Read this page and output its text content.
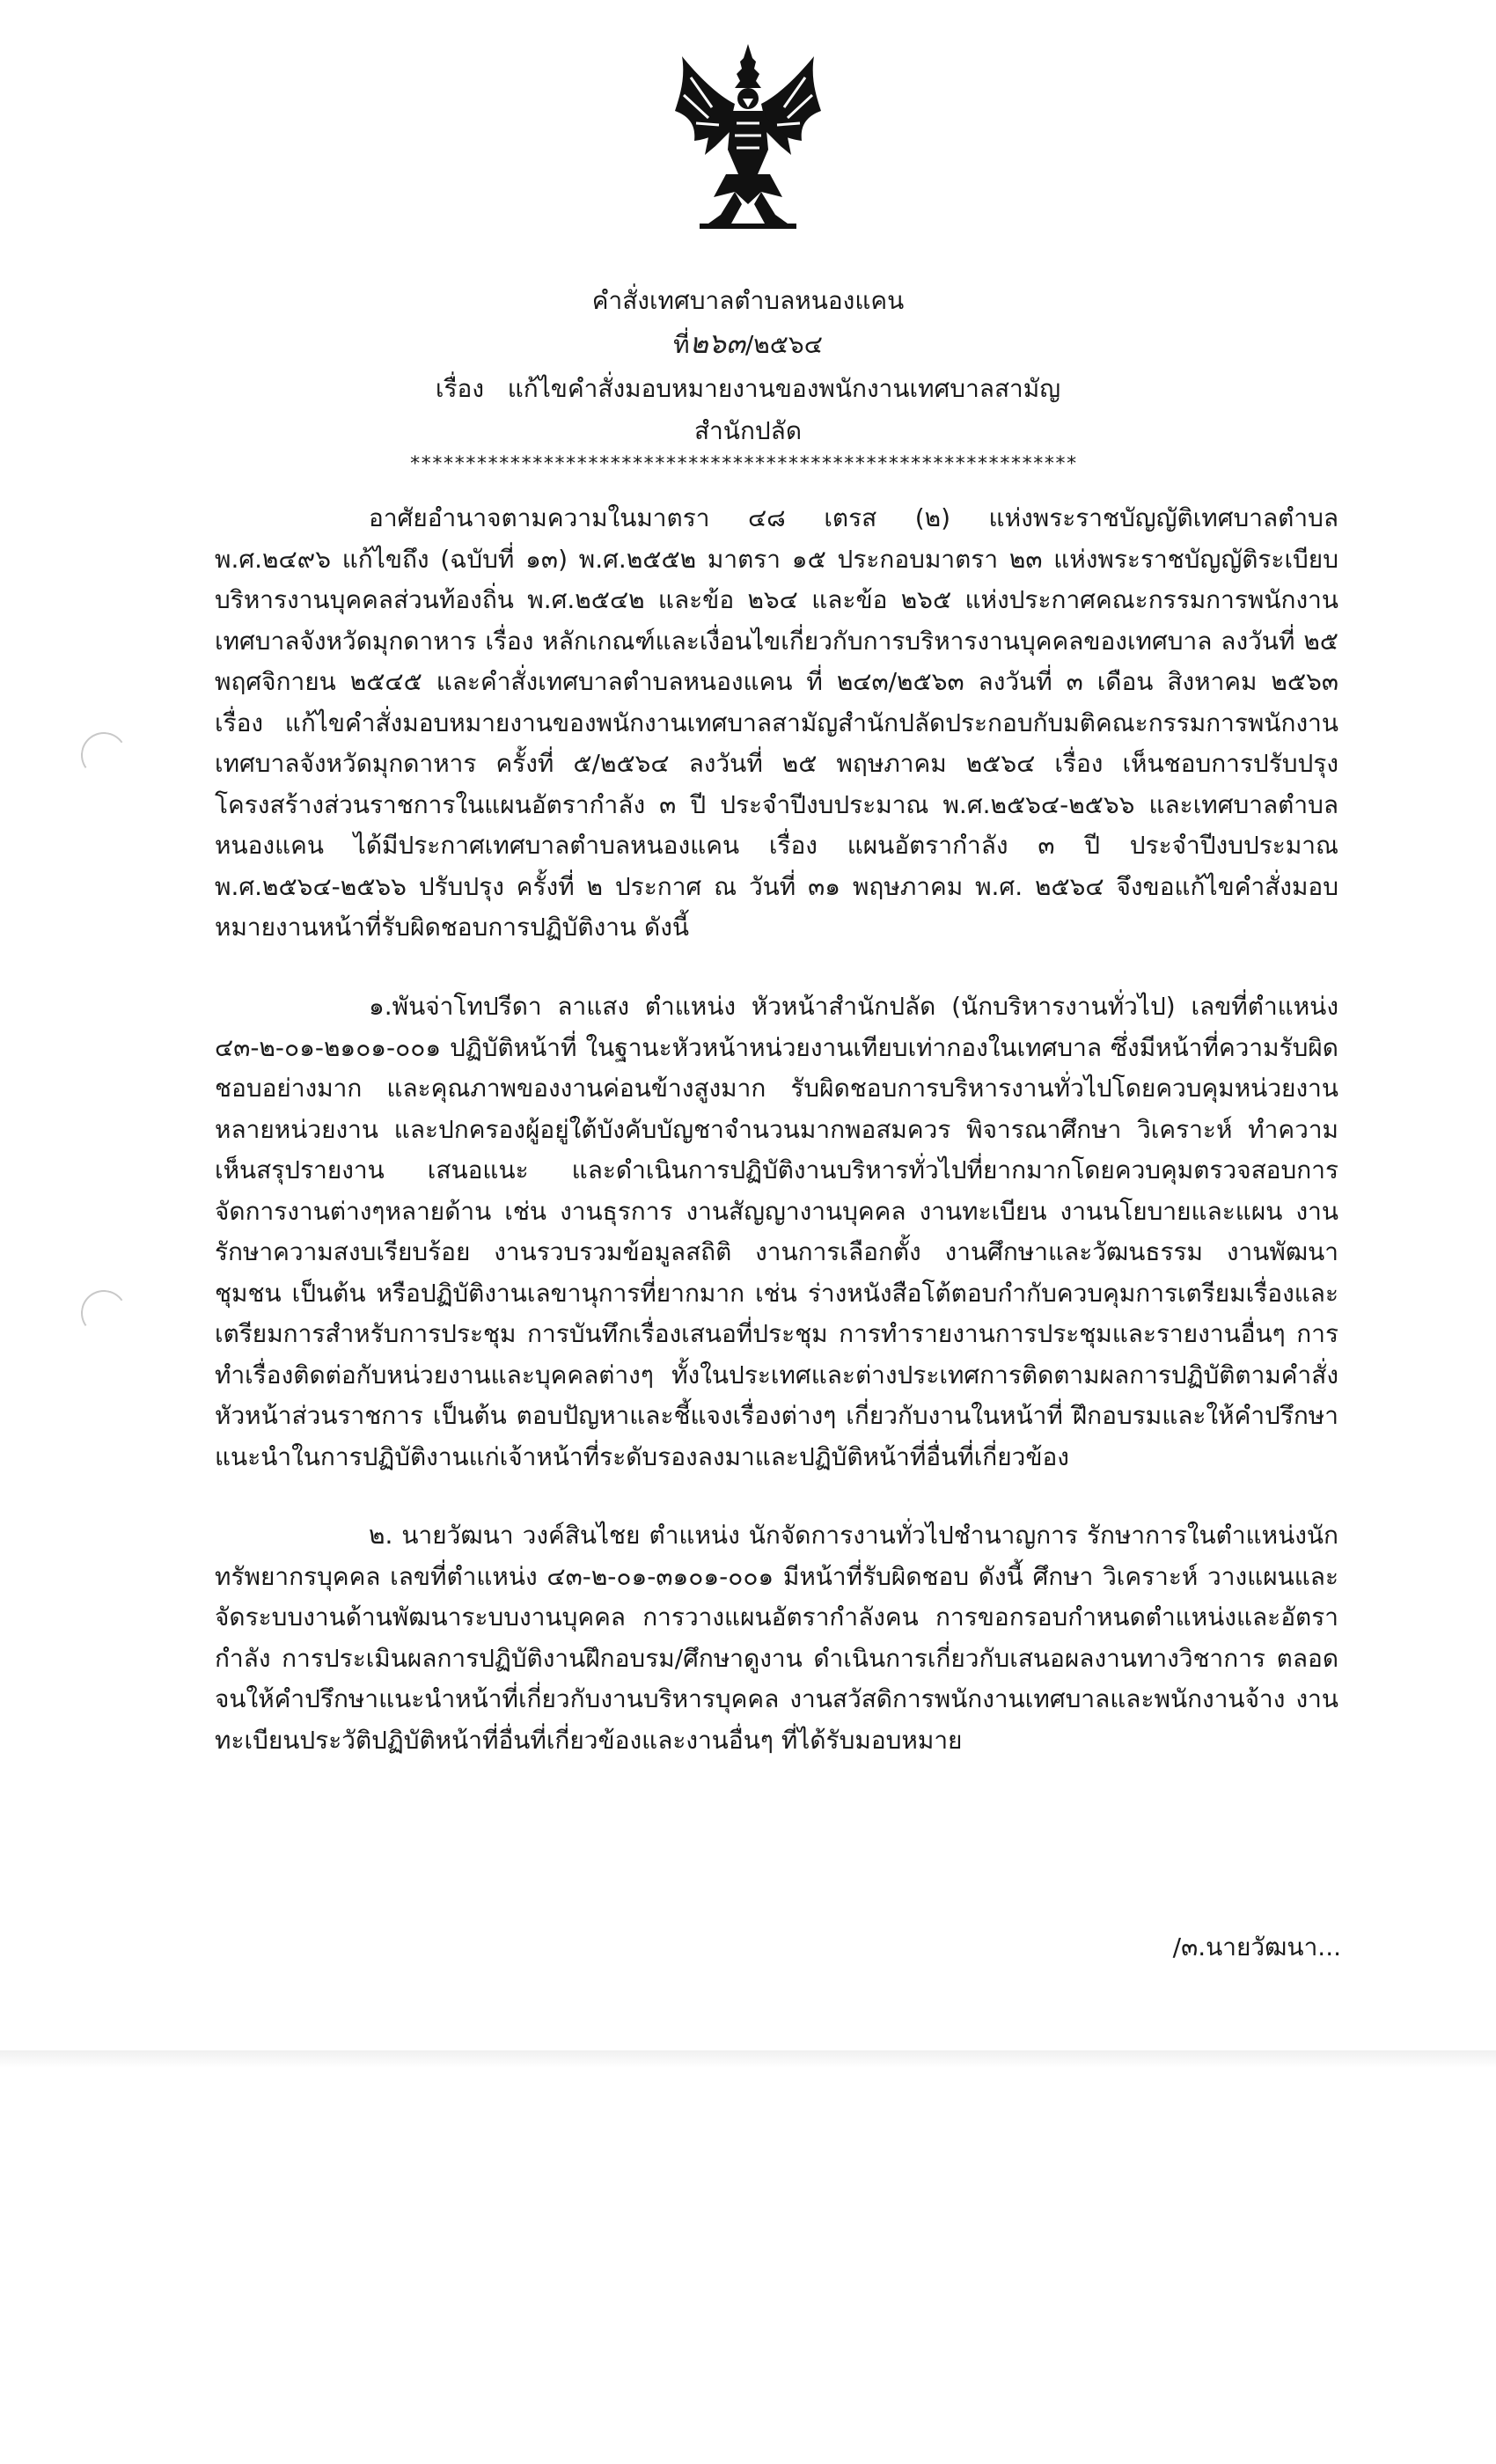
คำสั่งเทศบาลตำบลหนองแคน
ที่๒๖๓/๒๕๖๔
เรื่อง แก้ไขคำสั่งมอบหมายงานของพนักงานเทศบาลสามัญ
สำนักปลัด
************************************************************

อาศัยอำนาจตามความในมาตรา ๔๘ เตรส (๒) แห่งพระราชบัญญัติเทศบาลตำบล พ.ศ.๒๔๙๖ แก้ไขถึง (ฉบับที่ ๑๓) พ.ศ.๒๕๕๒ มาตรา ๑๕ ประกอบมาตรา ๒๓ แห่งพระราชบัญญัติระเบียบบริหารงานบุคคลส่วนท้องถิ่น พ.ศ.๒๕๔๒ และข้อ ๒๖๔ และข้อ ๒๖๕ แห่งประกาศคณะกรรมการพนักงานเทศบาลจังหวัดมุกดาหาร เรื่อง หลักเกณฑ์และเงื่อนไขเกี่ยวกับการบริหารงานบุคคลของเทศบาล ลงวันที่ ๒๕ พฤศจิกายน ๒๕๔๕ และคำสั่งเทศบาลตำบลหนองแคน ที่ ๒๔๓/๒๕๖๓ ลงวันที่ ๓ เดือน สิงหาคม ๒๕๖๓ เรื่อง แก้ไขคำสั่งมอบหมายงานของพนักงานเทศบาลสามัญสำนักปลัดประกอบกับมติคณะกรรมการพนักงานเทศบาลจังหวัดมุกดาหาร ครั้งที่ ๕/๒๕๖๔ ลงวันที่ ๒๕ พฤษภาคม ๒๕๖๔ เรื่อง เห็นชอบการปรับปรุงโครงสร้างส่วนราชการในแผนอัตรากำลัง ๓ ปี ประจำปีงบประมาณ พ.ศ.๒๕๖๔-๒๕๖๖ และเทศบาลตำบลหนองแคน ได้มีประกาศเทศบาลตำบลหนองแคน เรื่อง แผนอัตรากำลัง ๓ ปี ประจำปีงบประมาณ พ.ศ.๒๕๖๔-๒๕๖๖ ปรับปรุง ครั้งที่ ๒ ประกาศ ณ วันที่ ๓๑ พฤษภาคม พ.ศ. ๒๕๖๔ จึงขอแก้ไขคำสั่งมอบหมายงานหน้าที่รับผิดชอบการปฏิบัติงาน ดังนี้

๑.พันจ่าโทปรีดา ลาแสง ตำแหน่ง หัวหน้าสำนักปลัด (นักบริหารงานทั่วไป) เลขที่ตำแหน่ง ๔๓-๒-๐๑-๒๑๐๑-๐๐๑ ปฏิบัติหน้าที่ ในฐานะหัวหน้าหน่วยงานเทียบเท่ากองในเทศบาล ซึ่งมีหน้าที่ความรับผิดชอบอย่างมาก และคุณภาพของงานค่อนข้างสูงมาก รับผิดชอบการบริหารงานทั่วไปโดยควบคุมหน่วยงานหลายหน่วยงาน และปกครองผู้อยู่ใต้บังคับบัญชาจำนวนมากพอสมควร พิจารณาศึกษา วิเคราะห์ ทำความเห็นสรุปรายงาน เสนอแนะ และดำเนินการปฏิบัติงานบริหารทั่วไปที่ยากมากโดยควบคุมตรวจสอบการจัดการงานต่างๆหลายด้าน เช่น งานธุรการ งานสัญญางานบุคคล งานทะเบียน งานนโยบายและแผน งานรักษาความสงบเรียบร้อย งานรวบรวมข้อมูลสถิติ งานการเลือกตั้ง งานศึกษาและวัฒนธรรม งานพัฒนาชุมชน เป็นต้น หรือปฏิบัติงานเลขานุการที่ยากมาก เช่น ร่างหนังสือโต้ตอบกำกับควบคุมการเตรียมเรื่องและเตรียมการสำหรับการประชุม การบันทึกเรื่องเสนอที่ประชุม การทำรายงานการประชุมและรายงานอื่นๆ การทำเรื่องติดต่อกับหน่วยงานและบุคคลต่างๆ ทั้งในประเทศและต่างประเทศการติดตามผลการปฏิบัติตามคำสั่งหัวหน้าส่วนราชการ เป็นต้น ตอบปัญหาและชี้แจงเรื่องต่างๆ เกี่ยวกับงานในหน้าที่ ฝึกอบรมและให้คำปรึกษาแนะนำในการปฏิบัติงานแก่เจ้าหน้าที่ระดับรองลงมาและปฏิบัติหน้าที่อื่นที่เกี่ยวข้อง

๒. นายวัฒนา วงค์สินไชย ตำแหน่ง นักจัดการงานทั่วไปชำนาญการ รักษาการในตำแหน่งนักทรัพยากรบุคคล เลขที่ตำแหน่ง ๔๓-๒-๐๑-๓๑๐๑-๐๐๑ มีหน้าที่รับผิดชอบ ดังนี้ ศึกษา วิเคราะห์ วางแผนและจัดระบบงานด้านพัฒนาระบบงานบุคคล การวางแผนอัตรากำลังคน การขอกรอบกำหนดตำแหน่งและอัตรากำลัง การประเมินผลการปฏิบัติงานฝึกอบรม/ศึกษาดูงาน ดำเนินการเกี่ยวกับเสนอผลงานทางวิชาการ ตลอดจนให้คำปรึกษาแนะนำหน้าที่เกี่ยวกับงานบริหารบุคคล งานสวัสดิการพนักงานเทศบาลและพนักงานจ้าง งานทะเบียนประวัติปฏิบัติหน้าที่อื่นที่เกี่ยวข้องและงานอื่นๆ ที่ได้รับมอบหมาย

/๓.นายวัฒนา...
